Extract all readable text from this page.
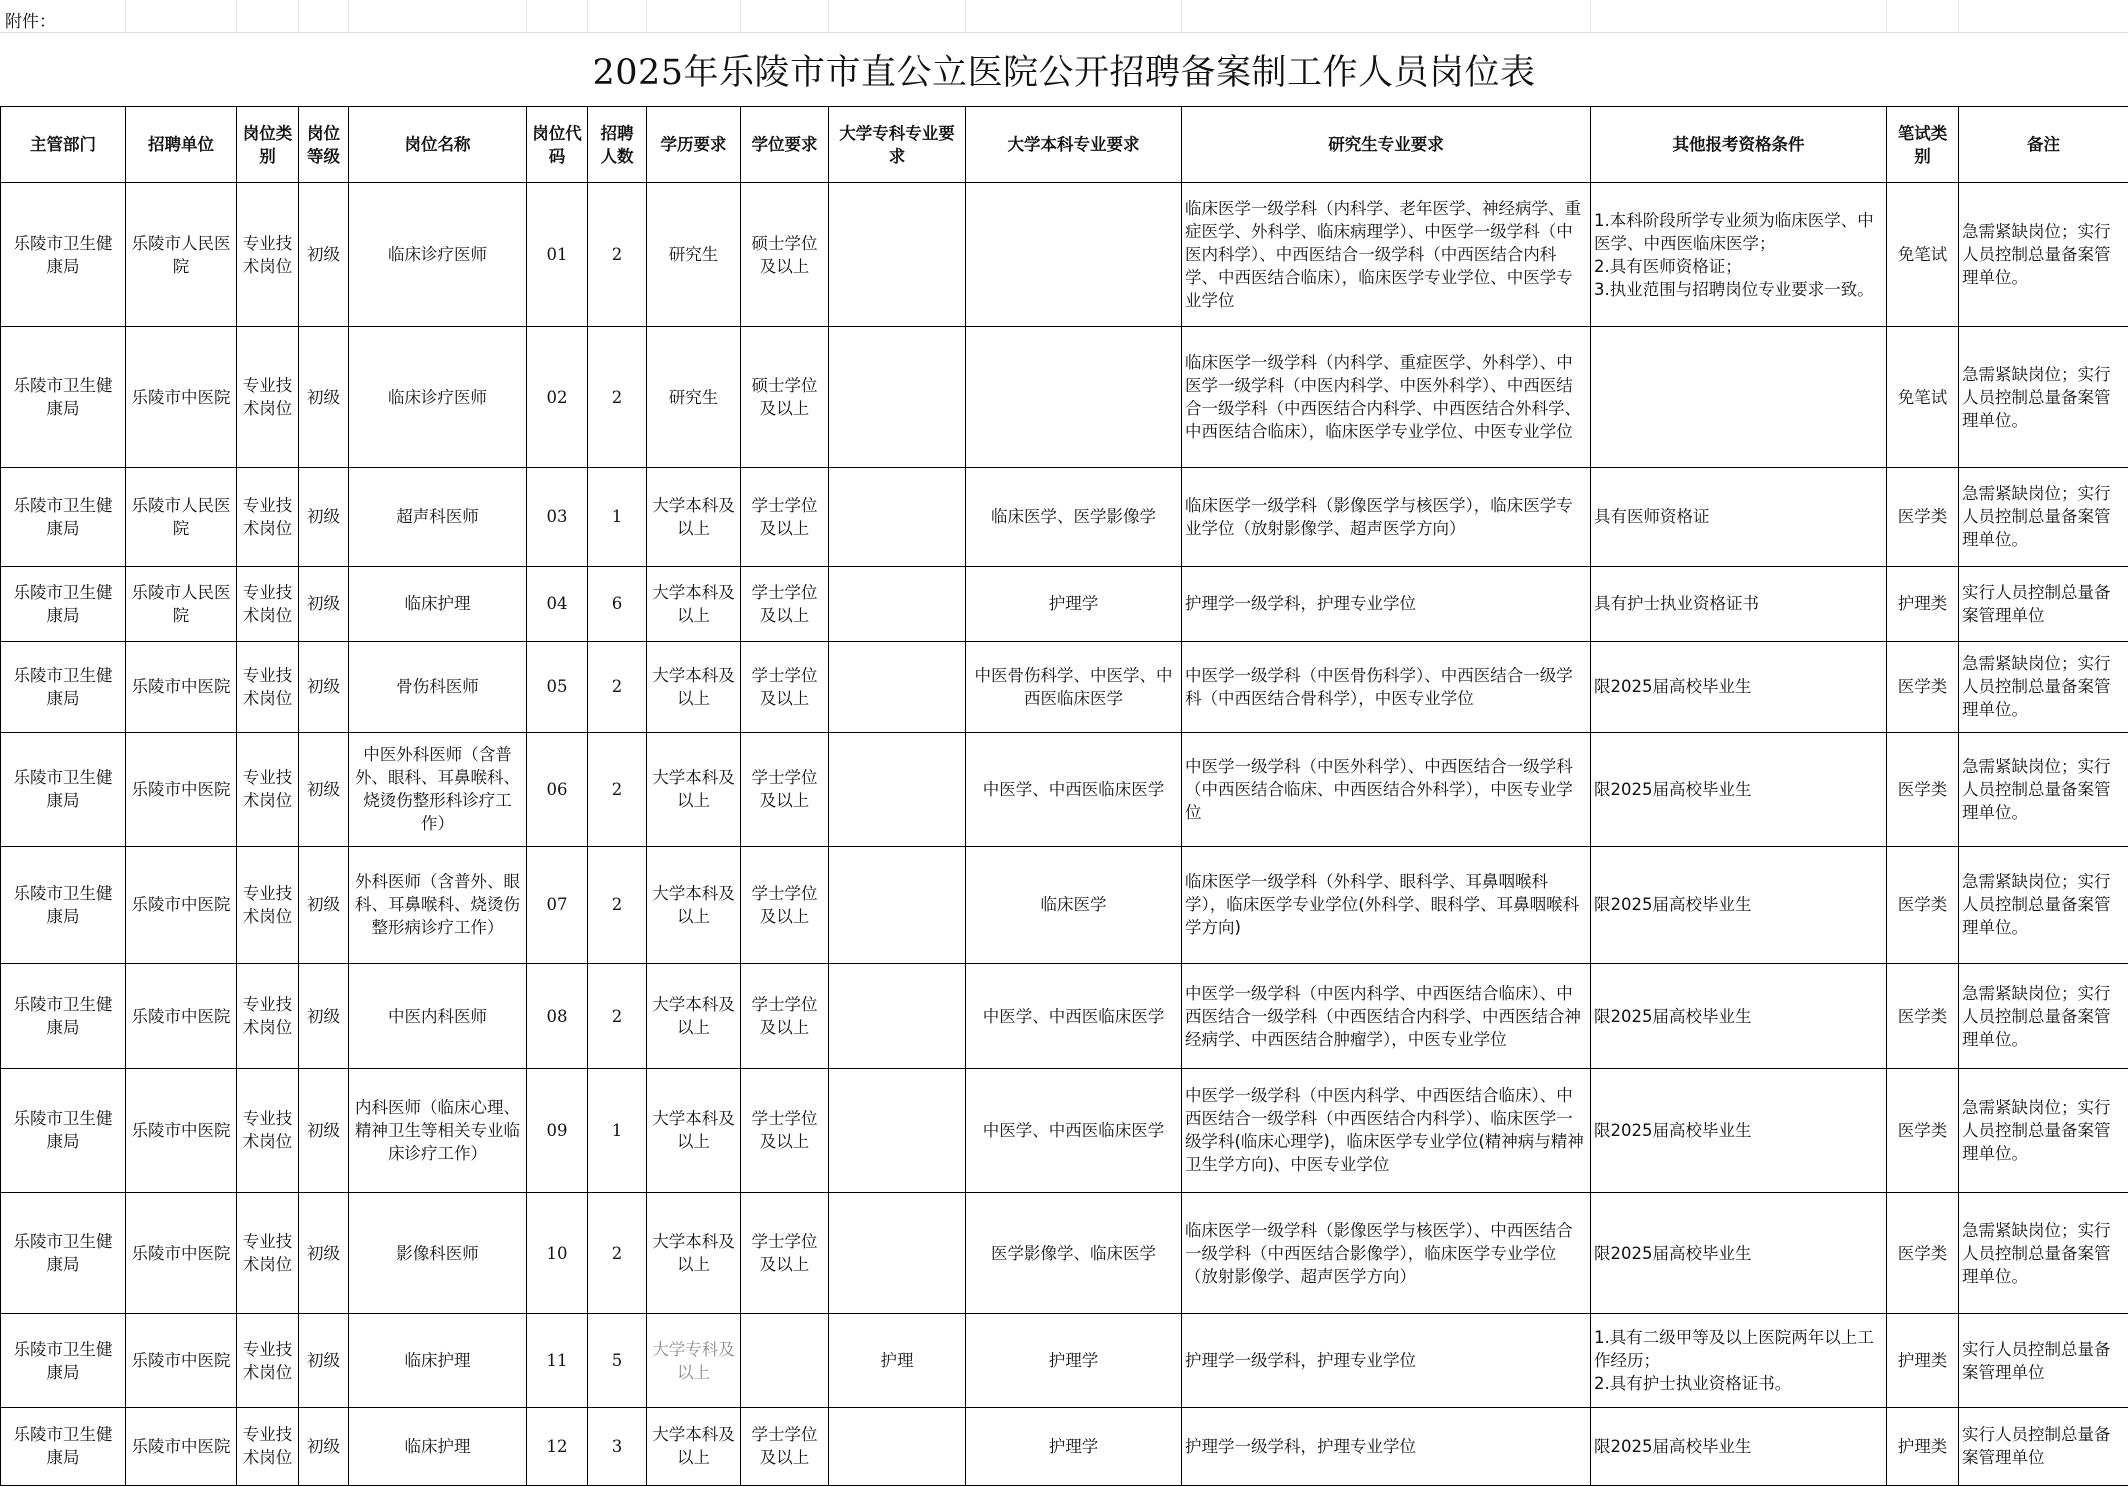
附件：
2025年乐陵市市直公立医院公开招聘备案制工作人员岗位表
主管部门	招聘单位	岗位类别	岗位等级	岗位名称	岗位代码	招聘人数	学历要求	学位要求	大学专科专业要求	大学本科专业要求	研究生专业要求	其他报考资格条件	笔试类别	备注
乐陵市卫生健康局	乐陵市人民医院	专业技术岗位	初级	临床诊疗医师	01	2	研究生	硕士学位及以上			临床医学一级学科（内科学、老年医学、神经病学、重症医学、外科学、临床病理学）、中医学一级学科（中医内科学）、中西医结合一级学科（中西医结合内科学、中西医结合临床），临床医学专业学位、中医学专业学位	1.本科阶段所学专业须为临床医学、中医学、中西医临床医学；
2.具有医师资格证；
3.执业范围与招聘岗位专业要求一致。	免笔试	急需紧缺岗位；实行人员控制总量备案管理单位。
乐陵市卫生健康局	乐陵市中医院	专业技术岗位	初级	临床诊疗医师	02	2	研究生	硕士学位及以上			临床医学一级学科（内科学、重症医学、外科学）、中医学一级学科（中医内科学、中医外科学）、中西医结合一级学科（中西医结合内科学、中西医结合外科学、中西医结合临床），临床医学专业学位、中医专业学位		免笔试	急需紧缺岗位；实行人员控制总量备案管理单位。
乐陵市卫生健康局	乐陵市人民医院	专业技术岗位	初级	超声科医师	03	1	大学本科及以上	学士学位及以上		临床医学、医学影像学	临床医学一级学科（影像医学与核医学），临床医学专业学位（放射影像学、超声医学方向）	具有医师资格证	医学类	急需紧缺岗位；实行人员控制总量备案管理单位。
乐陵市卫生健康局	乐陵市人民医院	专业技术岗位	初级	临床护理	04	6	大学本科及以上	学士学位及以上		护理学	护理学一级学科，护理专业学位	具有护士执业资格证书	护理类	实行人员控制总量备案管理单位
乐陵市卫生健康局	乐陵市中医院	专业技术岗位	初级	骨伤科医师	05	2	大学本科及以上	学士学位及以上		中医骨伤科学、中医学、中西医临床医学	中医学一级学科（中医骨伤科学）、中西医结合一级学科（中西医结合骨科学），中医专业学位	限2025届高校毕业生	医学类	急需紧缺岗位；实行人员控制总量备案管理单位。
乐陵市卫生健康局	乐陵市中医院	专业技术岗位	初级	中医外科医师（含普外、眼科、耳鼻喉科、烧烫伤整形科诊疗工作）	06	2	大学本科及以上	学士学位及以上		中医学、中西医临床医学	中医学一级学科（中医外科学）、中西医结合一级学科（中西医结合临床、中西医结合外科学），中医专业学位	限2025届高校毕业生	医学类	急需紧缺岗位；实行人员控制总量备案管理单位。
乐陵市卫生健康局	乐陵市中医院	专业技术岗位	初级	外科医师（含普外、眼科、耳鼻喉科、烧烫伤整形病诊疗工作）	07	2	大学本科及以上	学士学位及以上		临床医学	临床医学一级学科（外科学、眼科学、耳鼻咽喉科学），临床医学专业学位(外科学、眼科学、耳鼻咽喉科学方向)	限2025届高校毕业生	医学类	急需紧缺岗位；实行人员控制总量备案管理单位。
乐陵市卫生健康局	乐陵市中医院	专业技术岗位	初级	中医内科医师	08	2	大学本科及以上	学士学位及以上		中医学、中西医临床医学	中医学一级学科（中医内科学、中西医结合临床）、中西医结合一级学科（中西医结合内科学、中西医结合神经病学、中西医结合肿瘤学），中医专业学位	限2025届高校毕业生	医学类	急需紧缺岗位；实行人员控制总量备案管理单位。
乐陵市卫生健康局	乐陵市中医院	专业技术岗位	初级	内科医师（临床心理、精神卫生等相关专业临床诊疗工作）	09	1	大学本科及以上	学士学位及以上		中医学、中西医临床医学	中医学一级学科（中医内科学、中西医结合临床）、中西医结合一级学科（中西医结合内科学）、临床医学一级学科(临床心理学)，临床医学专业学位(精神病与精神卫生学方向)、中医专业学位	限2025届高校毕业生	医学类	急需紧缺岗位；实行人员控制总量备案管理单位。
乐陵市卫生健康局	乐陵市中医院	专业技术岗位	初级	影像科医师	10	2	大学本科及以上	学士学位及以上		医学影像学、临床医学	临床医学一级学科（影像医学与核医学）、中西医结合一级学科（中西医结合影像学），临床医学专业学位（放射影像学、超声医学方向）	限2025届高校毕业生	医学类	急需紧缺岗位；实行人员控制总量备案管理单位。
乐陵市卫生健康局	乐陵市中医院	专业技术岗位	初级	临床护理	11	5	大学专科及以上		护理	护理学	护理学一级学科，护理专业学位	1.具有二级甲等及以上医院两年以上工作经历；
2.具有护士执业资格证书。	护理类	实行人员控制总量备案管理单位
乐陵市卫生健康局	乐陵市中医院	专业技术岗位	初级	临床护理	12	3	大学本科及以上	学士学位及以上		护理学	护理学一级学科，护理专业学位	限2025届高校毕业生	护理类	实行人员控制总量备案管理单位
